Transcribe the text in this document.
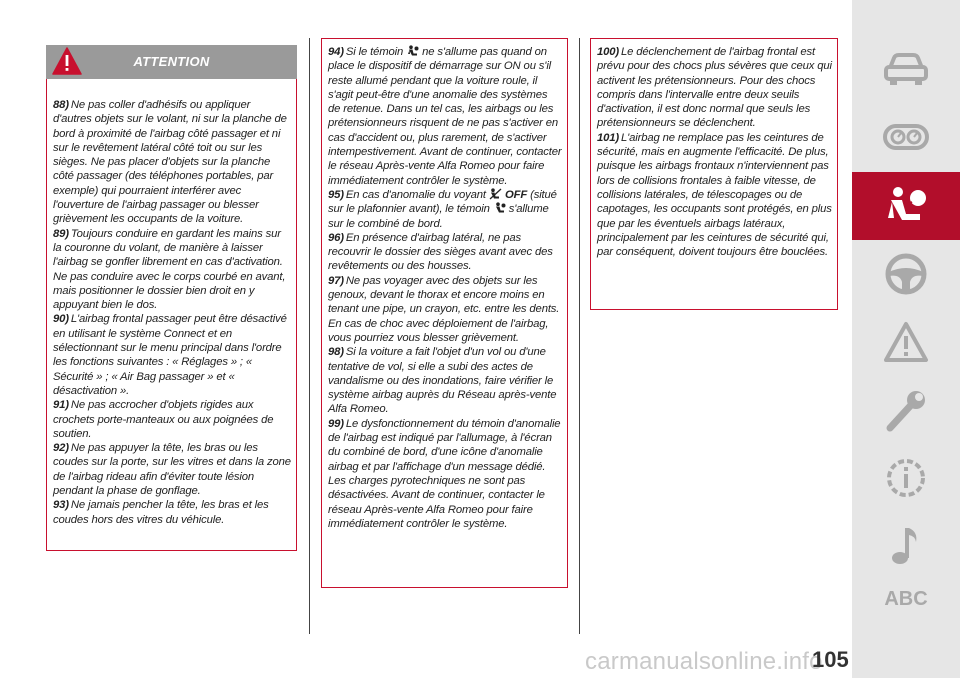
88) Ne pas coller d'adhésifs ou appliquer d'autres objets sur le volant, ni sur la planche de bord à proximité de l'airbag côté passager et ni sur le revêtement latéral côté toit ou sur les sièges. Ne pas placer d'objets sur la planche côté passager (des téléphones portables, par exemple) qui pourraient interférer avec l'ouverture de l'airbag passager ou blesser grièvement les occupants de la voiture.

89) Toujours conduire en gardant les mains sur la couronne du volant, de manière à laisser l'airbag se gonfler librement en cas d'activation. Ne pas conduire avec le corps courbé en avant, mais positionner le dossier bien droit en y appuyant bien le dos.

90) L'airbag frontal passager peut être désactivé en utilisant le système Connect et en sélectionnant sur le menu principal dans l'ordre les fonctions suivantes : « Réglages » ; « Sécurité » ; « Air Bag passager » et « désactivation ».

91) Ne pas accrocher d'objets rigides aux crochets porte-manteaux ou aux poignées de soutien.

92) Ne pas appuyer la tête, les bras ou les coudes sur la porte, sur les vitres et dans la zone de l'airbag rideau afin d'éviter toute lésion pendant la phase de gonflage.

93) Ne jamais pencher la tête, les bras et les coudes hors des vitres du véhicule.

ATTENTION

94) Si le témoin ne s'allume pas quand on place le dispositif de démarrage sur ON ou s'il reste allumé pendant que la voiture roule, il s'agit peut-être d'une anomalie des systèmes de retenue. Dans un tel cas, les airbags ou les prétensionneurs risquent de ne pas s'activer en cas d'accident ou, plus rarement, de s'activer intempestivement. Avant de continuer, contacter le réseau Après-vente Alfa Romeo pour faire immédiatement contrôler le système.

95) En cas d'anomalie du voyant OFF (situé sur le plafonnier avant), le témoin s'allume sur le combiné de bord.

96) En présence d'airbag latéral, ne pas recouvrir le dossier des sièges avant avec des revêtements ou des housses.

97) Ne pas voyager avec des objets sur les genoux, devant le thorax et encore moins en tenant une pipe, un crayon, etc. entre les dents. En cas de choc avec déploiement de l'airbag, vous pourriez vous blesser grièvement.

98) Si la voiture a fait l'objet d'un vol ou d'une tentative de vol, si elle a subi des actes de vandalisme ou des inondations, faire vérifier le système airbag auprès du Réseau après-vente Alfa Romeo.

99) Le dysfonctionnement du témoin d'anomalie de l'airbag est indiqué par l'allumage, à l'écran du combiné de bord, d'une icône d'anomalie airbag et par l'affichage d'un message dédié. Les charges pyrotechniques ne sont pas désactivées. Avant de continuer, contacter le réseau Après-vente Alfa Romeo pour faire immédiatement contrôler le système.

100) Le déclenchement de l'airbag frontal est prévu pour des chocs plus sévères que ceux qui activent les prétensionneurs. Pour des chocs compris dans l'intervalle entre deux seuils d'activation, il est donc normal que seuls les prétensionneurs se déclenchent.

101) L'airbag ne remplace pas les ceintures de sécurité, mais en augmente l'efficacité. De plus, puisque les airbags frontaux n'interviennent pas lors de collisions frontales à faible vitesse, de collisions latérales, de télescopages ou de capotages, les occupants sont protégés, en plus que par les éventuels airbags latéraux, principalement par les ceintures de sécurité qui, par conséquent, doivent toujours être bouclées.

ABC
carmanualsonline.info
105
